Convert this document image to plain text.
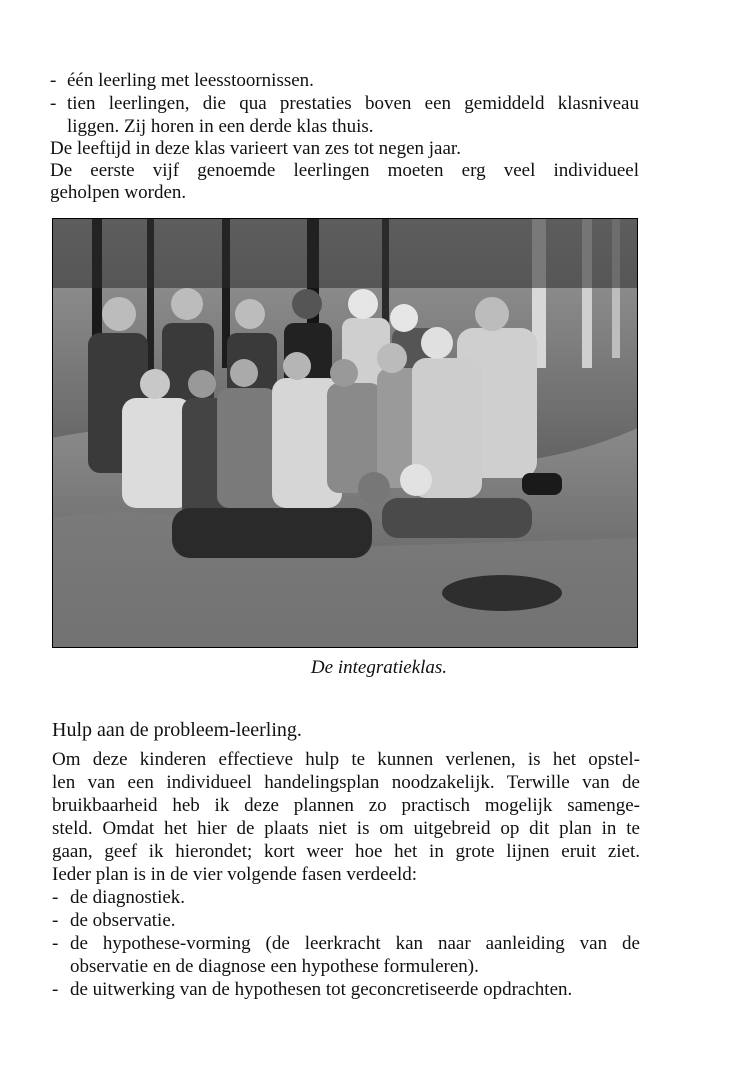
- één leerling met leesstoornissen.
- tien leerlingen, die qua prestaties boven een gemiddeld klasniveau
liggen. Zij horen in een derde klas thuis.
De leeftijd in deze klas varieert van zes tot negen jaar.
De eerste vijf genoemde leerlingen moeten erg veel individueel
geholpen worden.
De integratieklas.
Hulp aan de probleem-leerling.
Om deze kinderen effectieve hulp te kunnen verlenen, is het opstel-
len van een individueel handelingsplan noodzakelijk. Terwille van de
bruikbaarheid heb ik deze plannen zo practisch mogelijk samenge-
steld. Omdat het hier de plaats niet is om uitgebreid op dit plan in te
gaan, geef ik hierondet; kort weer hoe het in grote lijnen eruit ziet.
Ieder plan is in de vier volgende fasen verdeeld:
- de diagnostiek.
- de observatie.
- de hypothese-vorming (de leerkracht kan naar aanleiding van de
observatie en de diagnose een hypothese formuleren).
- de uitwerking van de hypothesen tot geconcretiseerde opdrachten.
